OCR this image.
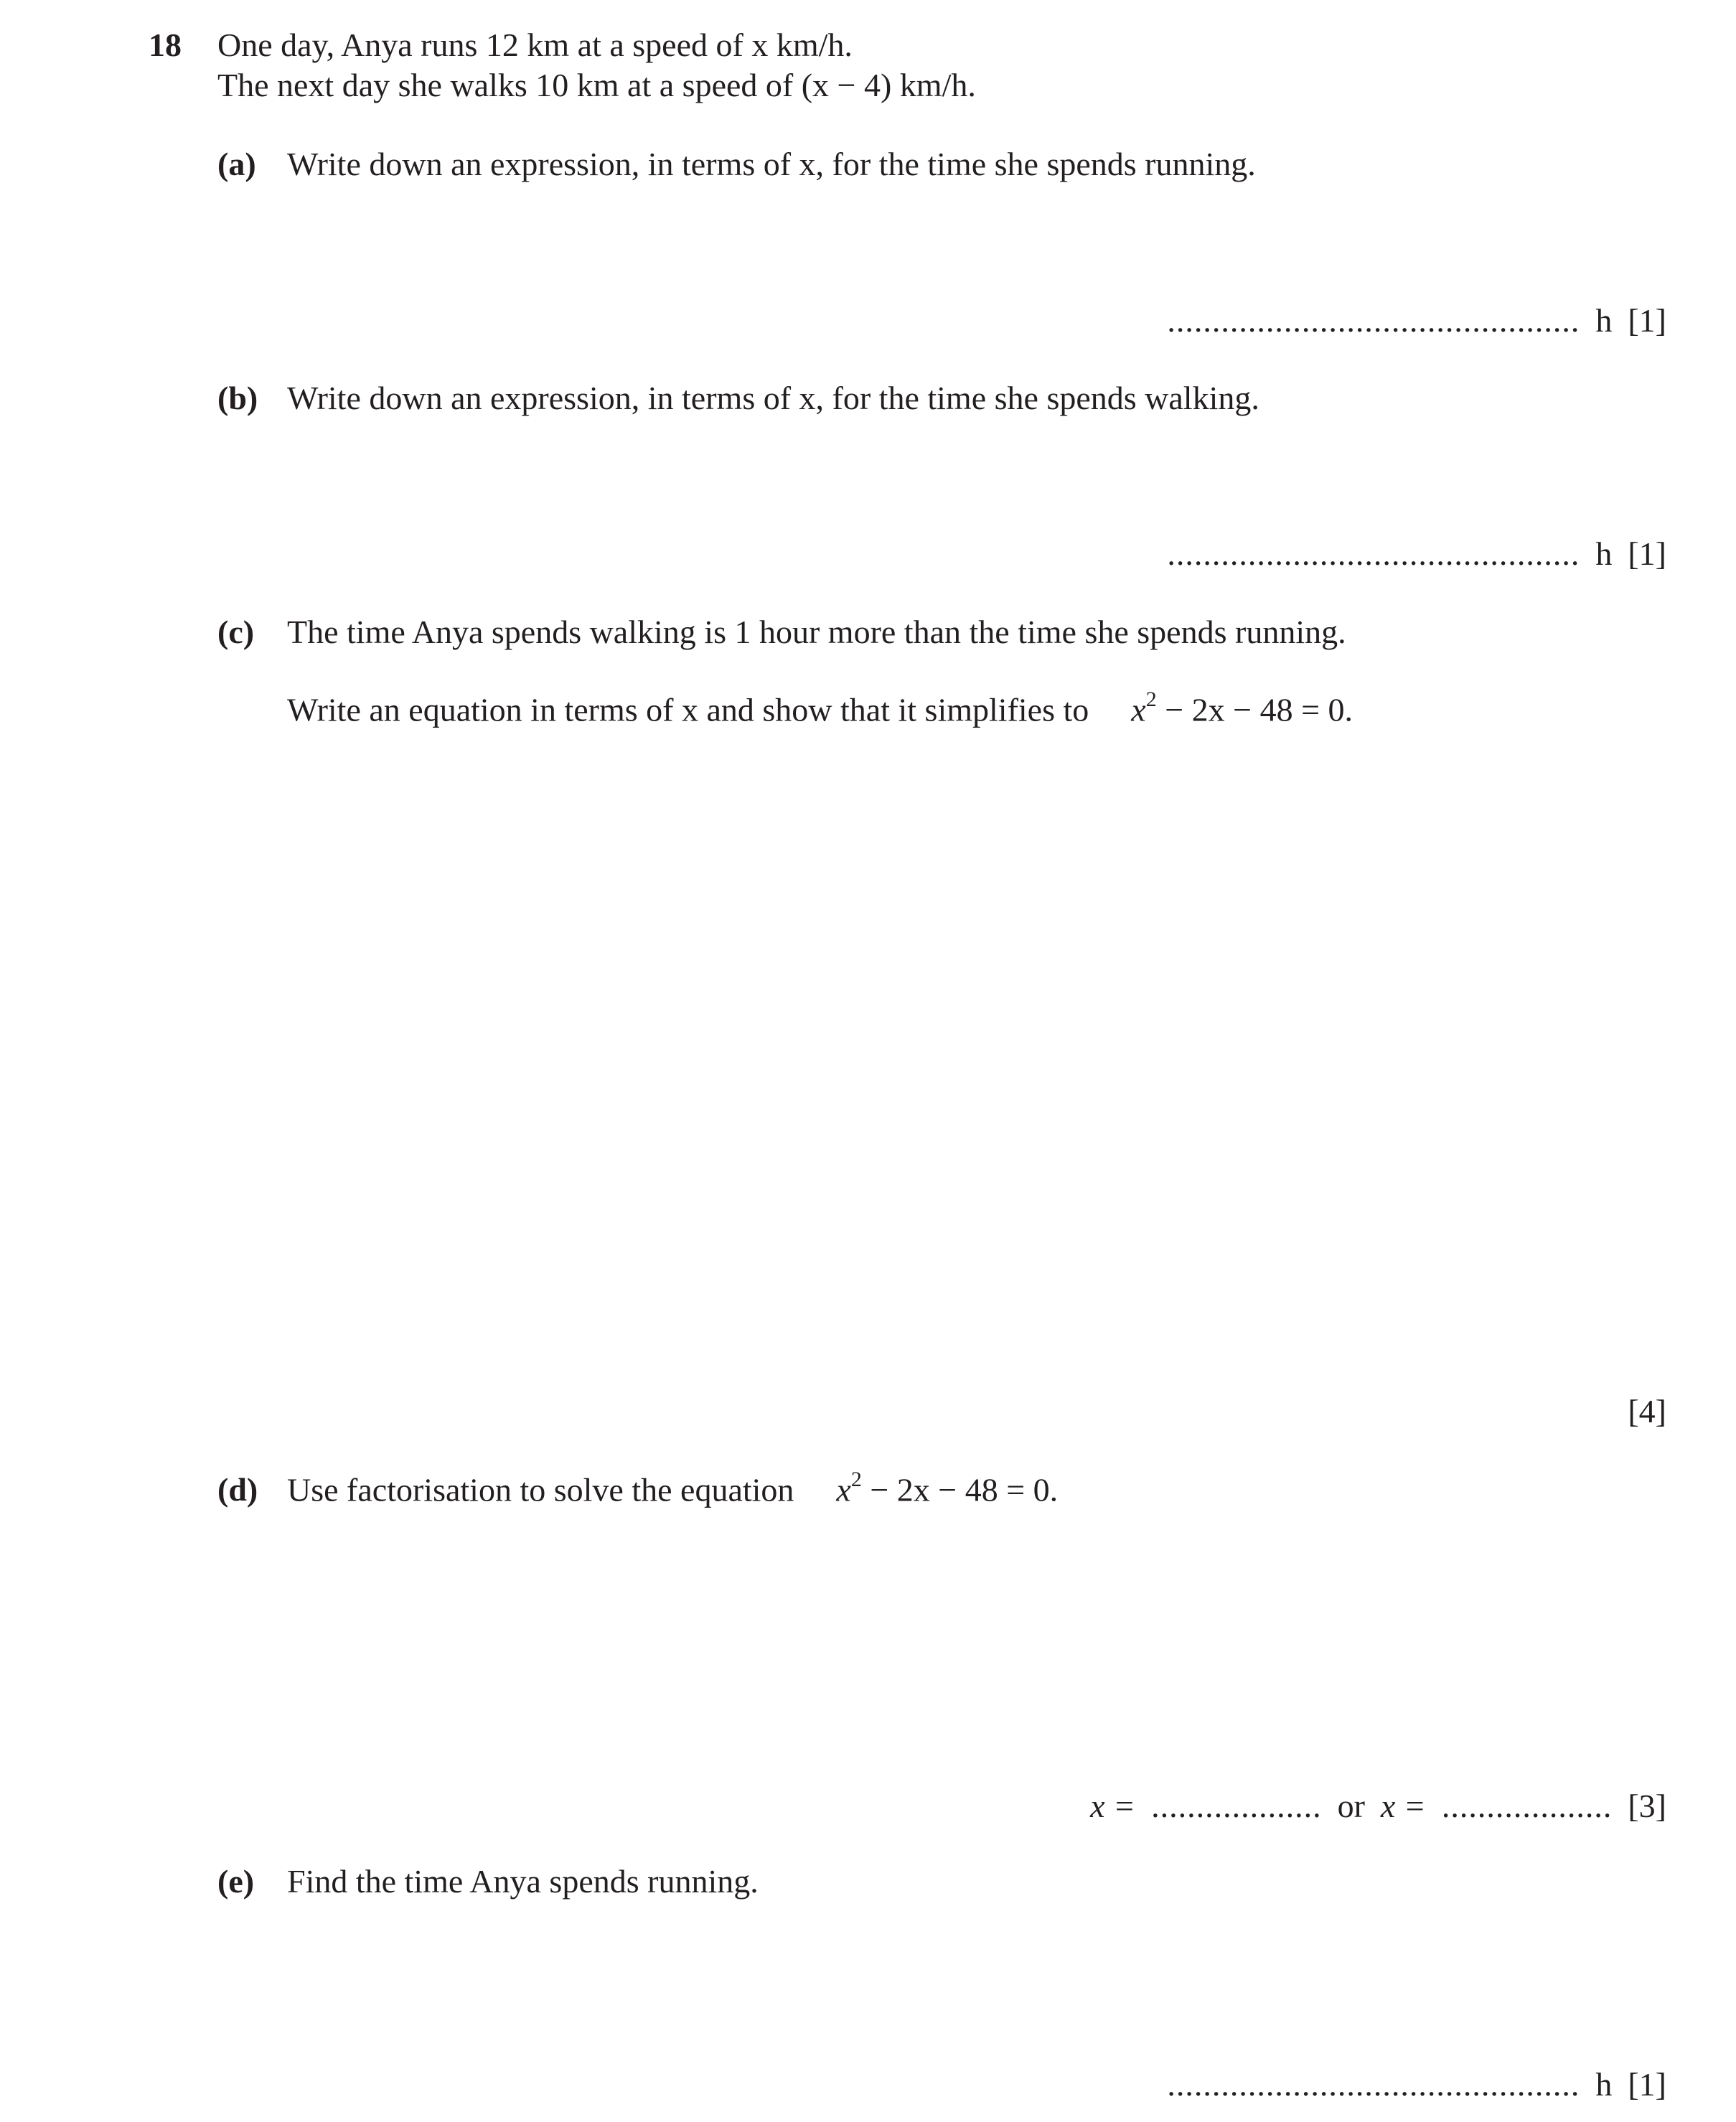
18 One day, Anya runs 12 km at a speed of x km/h.
The next day she walks 10 km at a speed of (x − 4) km/h.
(a) Write down an expression, in terms of x, for the time she spends running.
.............................................. h [1]
(b) Write down an expression, in terms of x, for the time she spends walking.
.............................................. h [1]
(c) The time Anya spends walking is 1 hour more than the time she spends running.
Write an equation in terms of x and show that it simplifies to $x^2 - 2x - 48 = 0$.
[4]
(d) Use factorisation to solve the equation $x^2 - 2x - 48 = 0$.
x = ................... or x = ................... [3]
(e) Find the time Anya spends running.
.............................................. h [1]
